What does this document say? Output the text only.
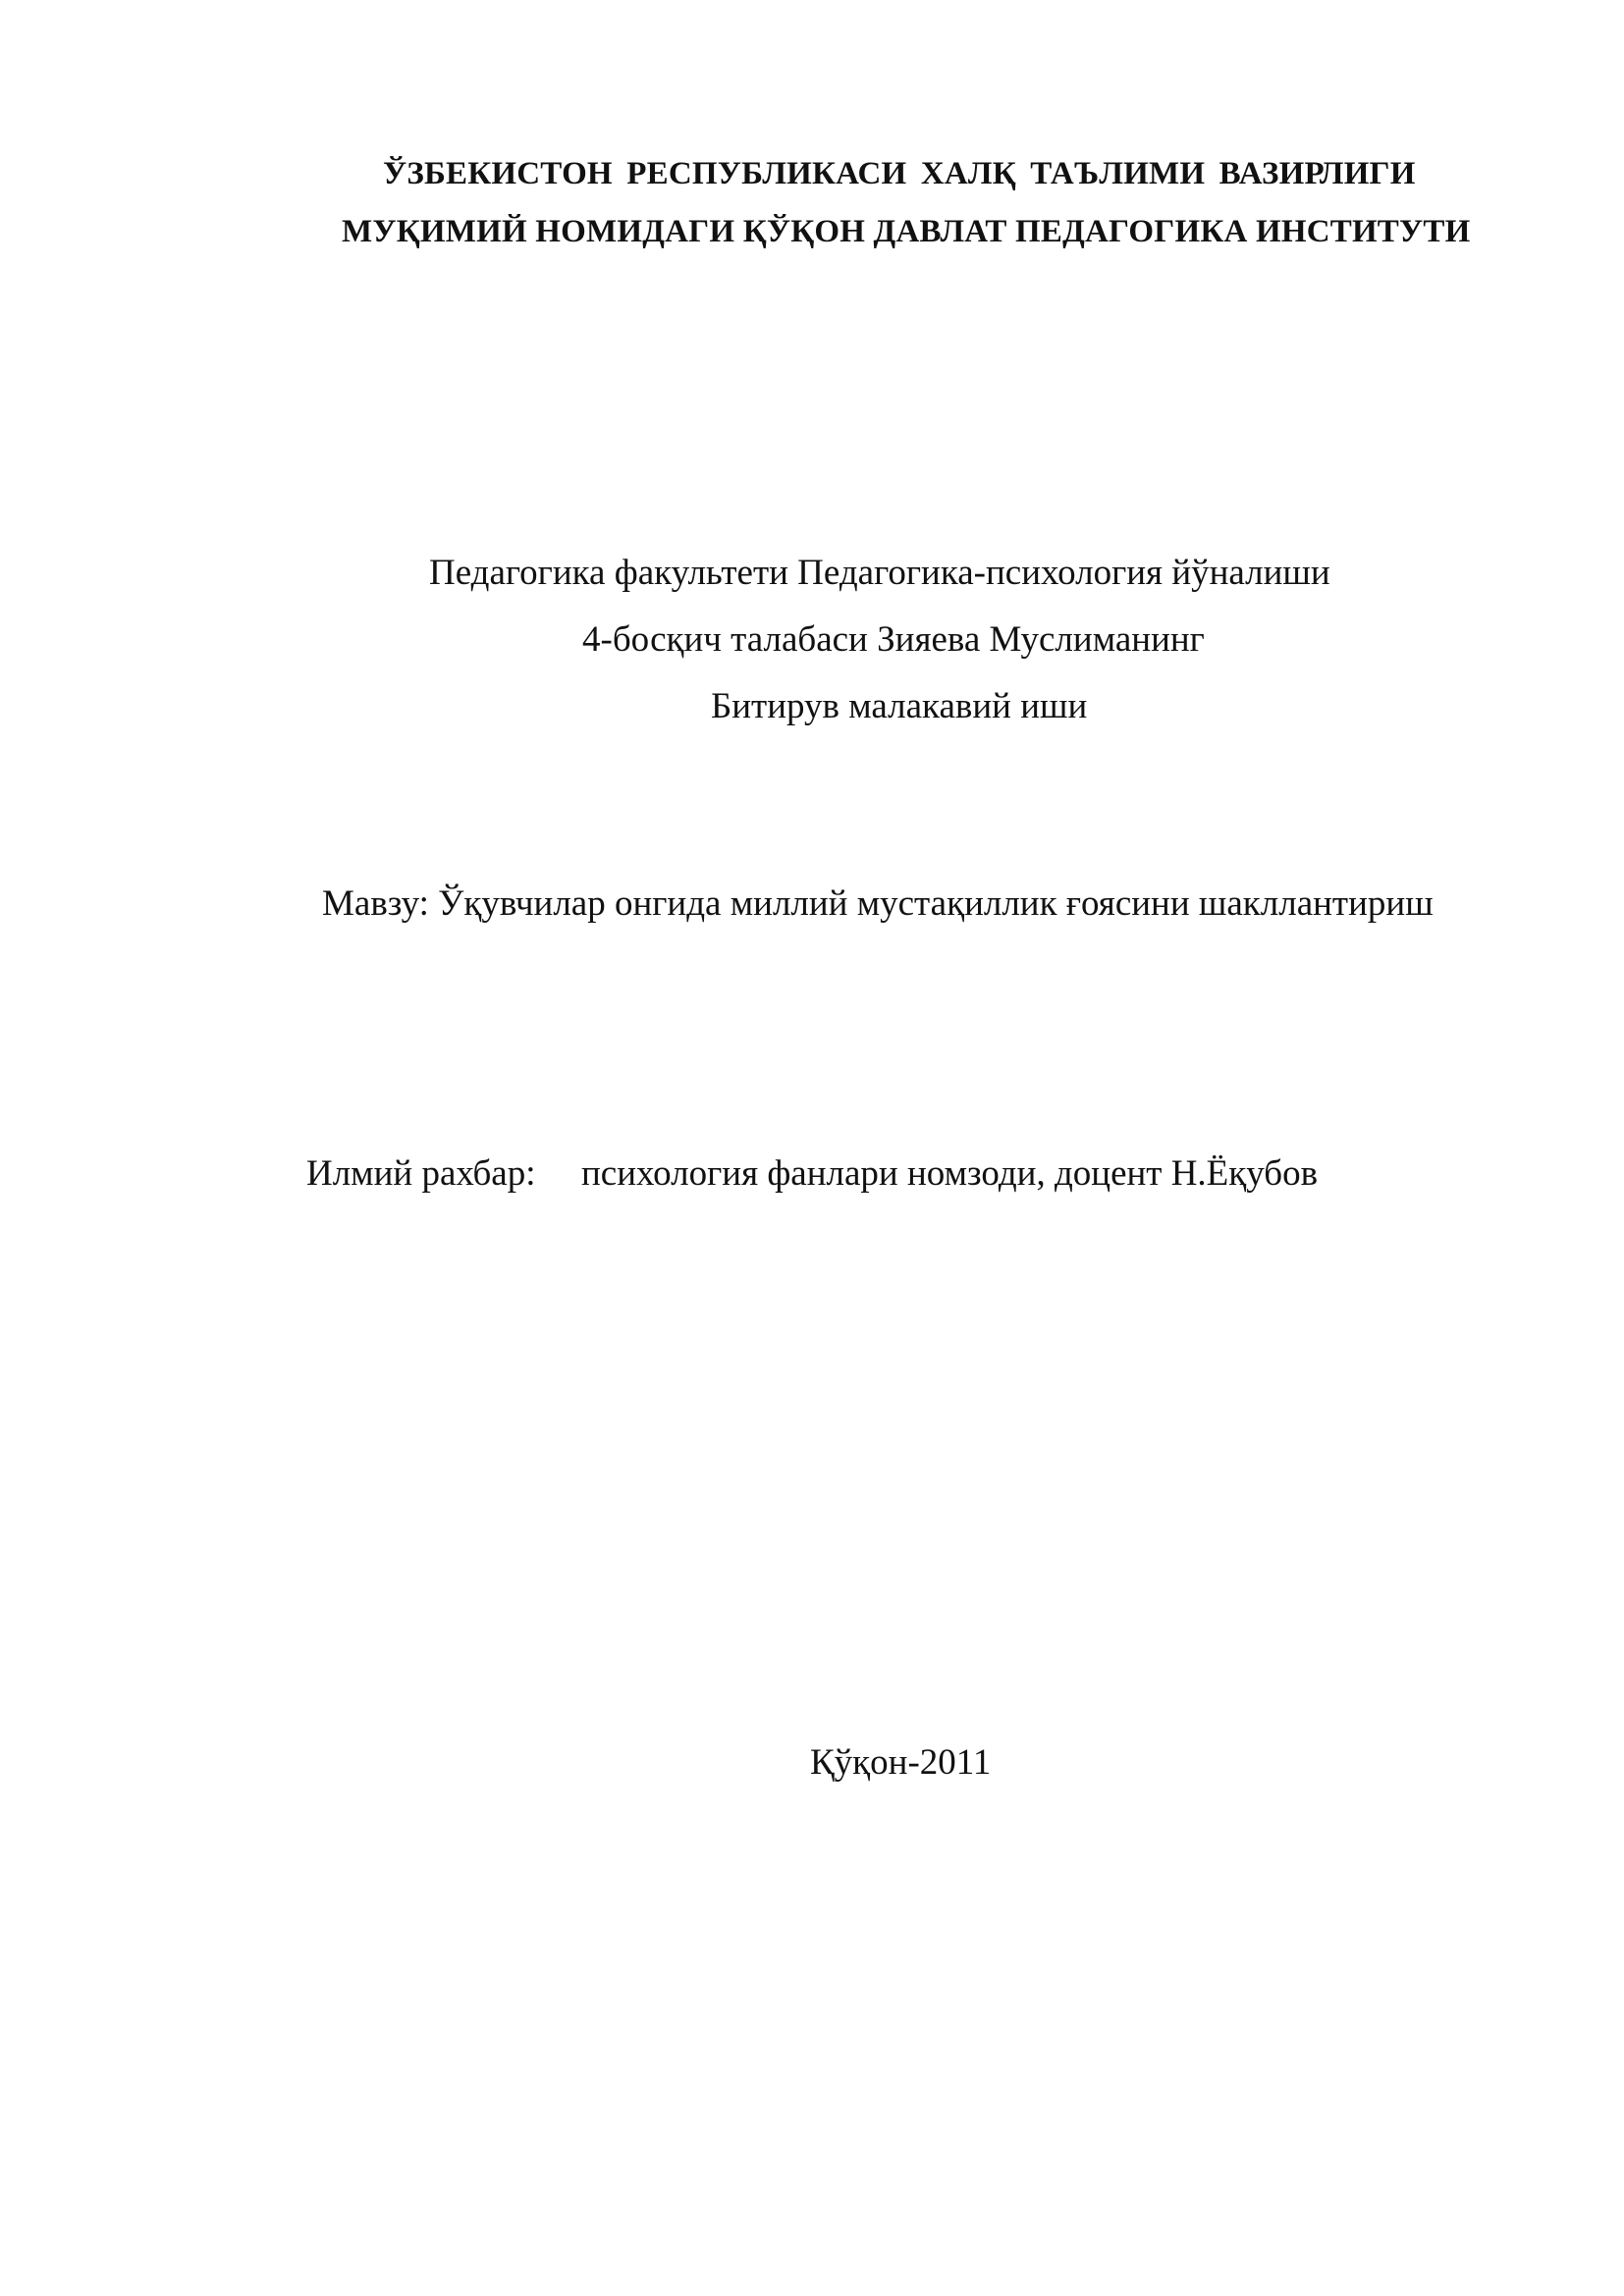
ЎЗБЕКИСТОН РЕСПУБЛИКАСИ ХАЛҚ ТАЪЛИМИ ВАЗИРЛИГИ
МУҚИМИЙ НОМИДАГИ ҚЎҚОН ДАВЛАТ ПЕДАГОГИКА ИНСТИТУТИ
Педагогика факультети Педагогика-психология йўналиши
4-босқич талабаси Зияева Муслиманинг
Битирув малакавий иши
Мавзу: Ўқувчилар онгида миллий мустақиллик ғоясини шакллантириш
Илмий рахбар: психология фанлари номзоди, доцент Н.Ёқубов
Қўқон-2011
